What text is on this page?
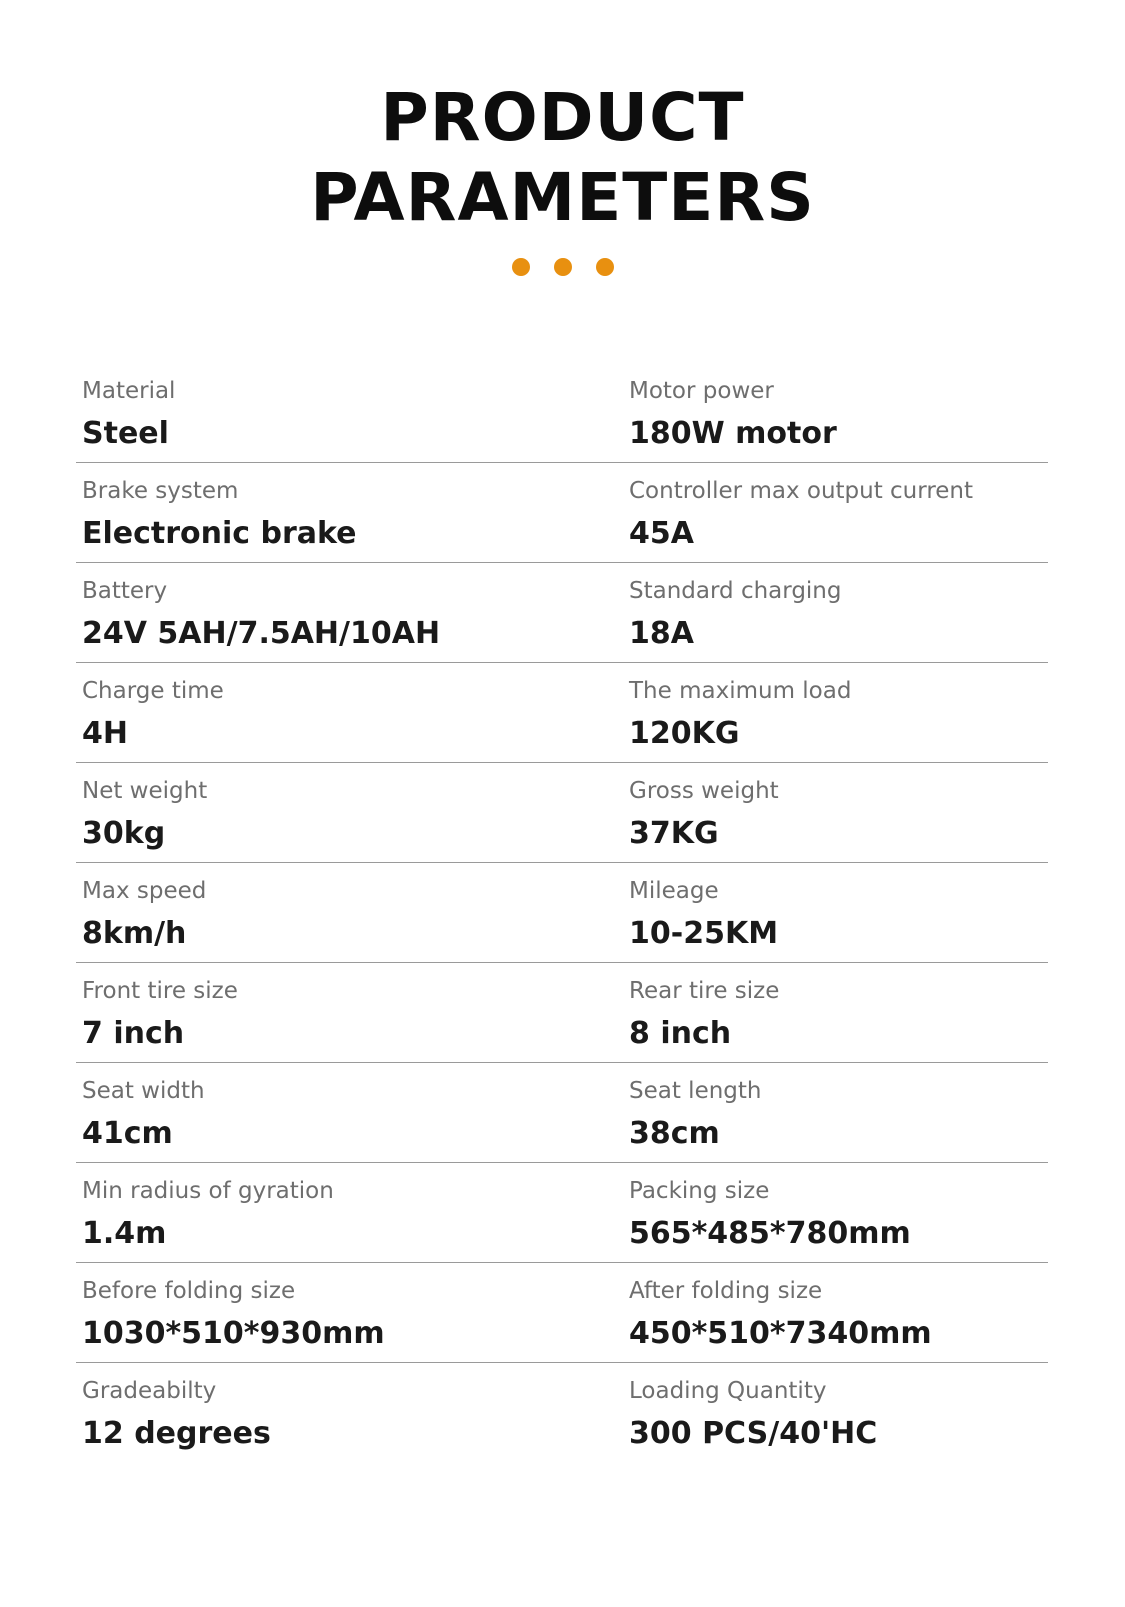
PRODUCT
PARAMETERS
Material
Steel
Motor power
180W motor
Brake system
Electronic brake
Controller max output current
45A
Battery
24V 5AH/7.5AH/10AH
Standard charging
18A
Charge time
4H
The maximum load
120KG
Net weight
30kg
Gross weight
37KG
Max speed
8km/h
Mileage
10-25KM
Front tire size
7 inch
Rear tire size
8 inch
Seat width
41cm
Seat length
38cm
Min radius of gyration
1.4m
Packing size
565*485*780mm
Before folding size
1030*510*930mm
After folding size
450*510*7340mm
Gradeabilty
12 degrees
Loading Quantity
300 PCS/40'HC
